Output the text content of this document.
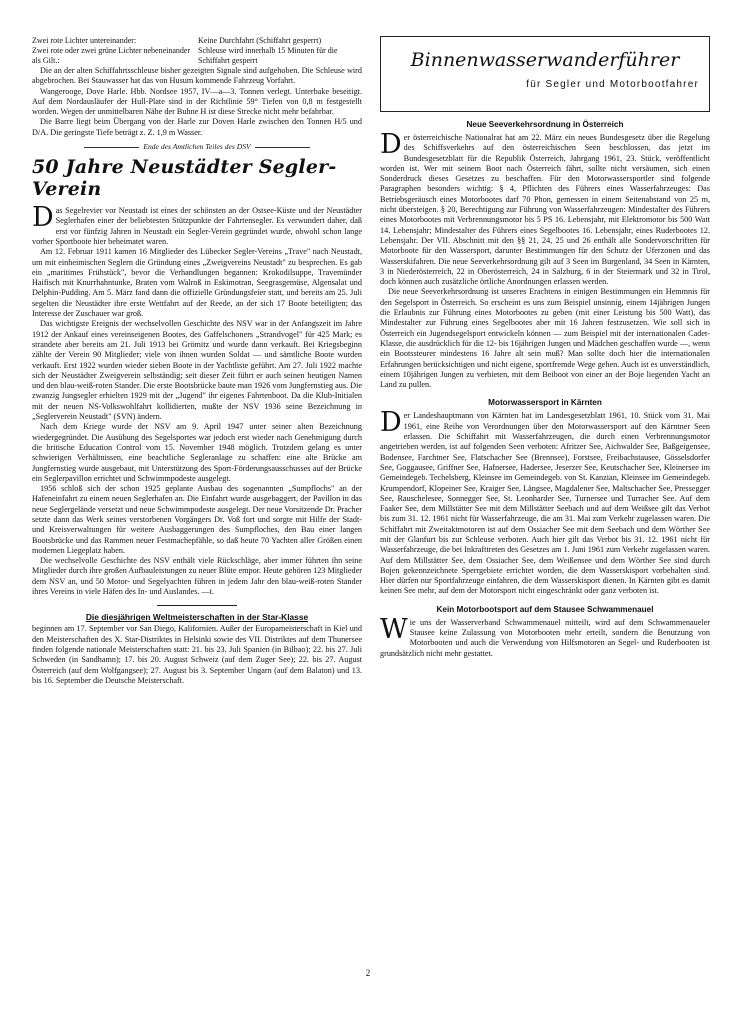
Zwei rote Lichter untereinander:	Keine Durchfahrt (Schiffahrt gesperrt)
Zwei rote oder zwei grüne Lichter nebeneinander als Gilt.:
Schleuse wird innerhalb 15 Minuten für die Schiffahrt gesperrt

Die an der alten Schiffahrtsschleuse bisher gezeigten Signale sind aufgehoben. Die Schleuse wird abgebrochen. Bei Stauwasser hat das von Husum kommende Fahrzeug Vorfahrt.

Wangerooge, Dove Harle. Hbb. Nordsee 1957, IV—a—3. Tonnen verlegt. Unterbake beseitigt. Auf dem Nordausläufer der Hull-Plate sind in der Richtlinie 59° Tiefen von 0,8 m festgestellt worden. Wegen der unmittelbaren Nähe der Buhne H ist diese Strecke nicht mehr befahrbar.

Die Barre liegt beim Übergang von der Harle zur Doven Harle zwischen den Tonnen H/5 und D/A. Die geringste Tiefe beträgt z. Z. 1,9 m Wasser.

Ende des Amtlichen Teiles des DSV
50 Jahre Neustädter Segler-Verein

Das Segelrevier vor Neustadt ist eines der schönsten an der Ostsee-Küste und der Neustädter Seglerhafen einer der beliebtesten Stützpunkte der Fahrtensegler. Es verwundert daher, daß erst vor fünfzig Jahren in Neustadt ein Segler-Verein gegründet wurde, obwohl schon lange vorher Sportboote hier beheimatet waren.

Am 12. Februar 1911 kamen 16 Mitglieder des Lübecker Segler-Vereins „Trave" nach Neustadt, um mit einheimischen Seglern die Gründung eines „Zweigvereins Neustadt" zu besprechen. Es gab ein „maritimes Frühstück", bevor die Verhandlungen begannen: Krokodilsuppe, Travemünder Haifisch mit Knurrhahntunke, Braten vom Walroß in Eskimotran, Seegrasgemüse, Algensalat und Delphin-Pudding. Am 5. März fand dann die offizielle Gründungsfeier statt, und bereits am 25. Juli segelten die Neustädter ihre erste Wettfahrt auf der Reede, an der sich 17 Boote beteiligten; das Interesse der Zuschauer war groß.

Das wichtigste Ereignis der wechselvollen Geschichte des NSV war in der Anfangszeit im Jahre 1912 der Ankauf eines vereinseigenen Bootes, des Gaffelschoners „Strandvogel" für 425 Mark; es strandete aber bereits am 21. Juli 1913 bei Grömitz und wurde dann verkauft. Bei Kriegsbeginn zählte der Verein 90 Mitglieder; viele von ihnen wurden Soldat — und sämtliche Boote wurden verkauft. Erst 1922 wurden wieder sieben Boote in der Yachtliste geführt. Am 27. Juli 1922 machte sich der Neustädter Zweigverein selbständig; seit dieser Zeit führt er auch seinen heutigen Namen und den blau-weiß-roten Stander. Die erste Bootsbrücke baute man 1926 vom Jungfernstieg aus. Die zwanzig Jungsegler erhielten 1929 mit der „Jugend" ihr eigenes Fahrtenboot. Da die Klub-Initialen mit der neuen NS-Volkswohlfahrt kollidierten, mußte der NSV 1936 seine Bezeichnung in „Seglerverein Neustadt" (SVN) ändern.

Nach dem Kriege wurde der NSV am 9. April 1947 unter seiner alten Bezeichnung wiedergegründet. Die Ausübung des Segelsportes war jedoch erst wieder nach Genehmigung durch die britische Education Control vom 15. November 1948 möglich. Trotzdem gelang es unter schwierigen Verhältnissen, eine beachtliche Segleranlage zu schaffen: eine alte Brücke am Jungfernstieg wurde ausgebaut, mit Unterstützung des Sport-Förderungsausschusses auf der Brücke ein Seglerpavillon errichtet und Schwimmpodeste ausgelegt.

1956 schloß sich der schon 1925 geplante Ausbau des sogenannten „Sumpflochs" an der Hafeneinfahrt zu einem neuen Seglerhafen an. Die Einfahrt wurde ausgebaggert, der Pavillon in das neue Seglergelände versetzt und neue Schwimmpodeste ausgelegt. Der neue Vorsitzende Dr. Pracher setzte dann das Werk seines verstorbenen Vorgängers Dr. Voß fort und sorgte mit Hilfe der Stadt- und Kreisverwaltungen für weitere Ausbaggerungen des Sumpfloches, den Bau einer langen Bootsbrücke und das Rammen neuer Festmachepfähle, so daß heute 70 Yachten aller Größen einen modernen Liegeplatz haben.

Die wechselvolle Geschichte des NSV enthält viele Rückschläge, aber immer führten ihn seine Mitglieder durch ihre großen Aufbauleistungen zu neuer Blüte empor. Heute gehören 123 Mitglieder dem NSV an, und 50 Motor- und Segelyachten führen in jedem Jahr den blau-weiß-roten Stander ihres Vereins in viele Häfen des In- und Auslandes. —t.

Die diesjährigen Weltmeisterschaften in der Star-Klasse

beginnen am 17. September vor San Diego, Kalifornien. Außer der Europameisterschaft in Kiel und den Meisterschaften des X. Star-Distriktes in Helsinki sowie des VII. Distriktes auf dem Thunersee finden folgende nationale Meisterschaften statt: 21. bis 23. Juli Spanien (in Bilbao); 22. bis 27. Juli Schweden (in Sandhamn); 17. bis 20. August Schweiz (auf dem Zuger See); 22. bis 27. August Österreich (auf dem Wolfgangsee); 27. August bis 3. September Ungarn (auf dem Balaton) und 13. bis 16. September die Deutsche Meisterschaft.

Binnenwasserwanderführer
für Segler und Motorbootfahrer
Neue Seeverkehrsordnung in Österreich

Der österreichische Nationalrat hat am 22. März ein neues Bundesgesetz über die Regelung des Schiffsverkehrs auf den österreichischen Seen beschlossen, das jetzt im Bundesgesetzblatt für die Republik Österreich, Jahrgang 1961, 23. Stück, veröffentlicht worden ist. Wer mit seinem Boot nach Österreich fährt, sollte nicht versäumen, sich einen Sonderdruck dieses Gesetzes zu beschaffen. Für den Motorwassersportler sind folgende Paragraphen besonders wichtig: § 4, Pflichten des Führers eines Wasserfahrzeuges: Das Betriebsgeräusch eines Motorbootes darf 70 Phon, gemessen in einem Seitenabstand von 25 m, nicht übersteigen. § 20, Berechtigung zur Führung von Wasserfahrzeugen: Mindestalter des Führers eines Motorbootes mit Verbrennungsmotor bis 5 PS 16. Lebensjahr, mit Elektromotor bis 500 Watt 14. Lebensjahr; Mindestalter des Führers eines Segelbootes 16. Lebensjahr, eines Ruderbootes 12. Lebensjahr. Der VII. Abschnitt mit den §§ 21, 24, 25 und 26 enthält alle Sondervorschriften für Motorboote für den Wassersport, darunter Bestimmungen für den Schutz der Uferzonen und das Wasserskifahren. Die neue Seeverkehrsordnung gilt auf 3 Seen im Burgenland, 34 Seen in Kärnten, 3 in Niederösterreich, 22 in Oberösterreich, 24 in Salzburg, 6 in der Steiermark und 32 in Tirol, doch können auch zusätzliche örtliche Anordnungen erlassen werden.

Die neue Seeverkehrsordnung ist unseres Erachtens in einigen Bestimmungen ein Hemmnis für den Segelsport in Österreich. So erscheint es uns zum Beispiel unsinnig, einem 14jährigen Jungen die Erlaubnis zur Führung eines Motorbootes zu geben (mit einer Leistung bis 500 Watt), das Mindestalter zur Führung eines Segelbootes aber mit 16 Jahren festzusetzen. Wie soll sich in Österreich ein Jugendsegelsport entwickeln können — zum Beispiel mit der internationalen Cadet-Klasse, die ausdrücklich für die 12- bis 16jährigen Jungen und Mädchen geschaffen wurde —, wenn ein Bootssteurer mindestens 16 Jahre alt sein muß? Man sollte doch hier die internationalen Erfahrungen berücksichtigen und nicht eigene, sportfremde Wege gehen. Auch ist es unverständlich, einem 10jährigen Jungen zu verbieten, mit dem Beiboot von einer an der Boje liegenden Yacht an Land zu pullen.

Motorwassersport in Kärnten

Der Landeshauptmann von Kärnten hat im Landesgesetzblatt 1961, 10. Stück vom 31. Mai 1961, eine Reihe von Verordnungen über den Motorwassersport auf den Kärntner Seen erlassen. Die Schiffahrt mit Wasserfahrzeugen, die durch einen Verbrennungsmotor angetrieben werden, ist auf folgenden Seen verboten: Afritzer See, Aichwalder See, Baßgeigensee, Bodensee, Farchtner See, Flatschacher See (Brennsee), Forstsee, Freibachstausee, Gösselsdorfer See, Goggausee, Griffner See, Hafnersee, Hadersee, Jeserzer See, Keutschacher See, Kleinersee im Gemeindegeb. Techelsberg, Kleinsee im Gemeindegeb. von St. Kanzian, Kleinsee im Gemeindegeb. Krumpendorf, Klopeiner See, Kraiger See, Längsee, Magdalener See, Maltschacher See, Pressegger See, Rauschelesee, Sonnegger See, St. Leonharder See, Turnersee und Turracher See. Auf dem Faaker See, dem Millstätter See mit dem Millstätter Seebach und auf dem Weißsee gilt das Verbot bis zum 31. 12. 1961 nicht für Wasserfahrzeuge, die am 31. Mai zum Verkehr zugelassen waren. Die Schiffahrt mit Zweitaktmotoren ist auf dem Ossiacher See mit dem Seebach und dem Wörther See mit der Glanfurt bis zur Schleuse verboten. Auch hier gilt das Verbot bis 31. 12. 1961 nicht für Wasserfahrzeuge, die bei Inkrafttreten des Gesetzes am 1. Juni 1961 zum Verkehr zugelassen waren. Auf dem Millstätter See, dem Ossiacher See, dem Weißensee und dem Wörther See sind durch Bojen gekennzeichnete Sperrgebiete errichtet worden, die dem Wasserskisport vorbehalten sind. Hier dürfen nur Sportfahrzeuge einfahren, die dem Wasserskisport dienen. In Kärnten gibt es damit keinen See mehr, auf dem der Motorsport nicht eingeschränkt oder ganz verboten ist.

Kein Motorbootsport auf dem Stausee Schwammenauel

Wie uns der Wasserverband Schwammenauel mitteilt, wird auf dem Schwammenaueler Stausee keine Zulassung von Motorbooten mehr erteilt, sondern die Benutzung von Motorbooten und auch die Verwendung von Hilfsmotoren an Segel- und Ruderbooten ist grundsätzlich nicht mehr gestattet.

2
